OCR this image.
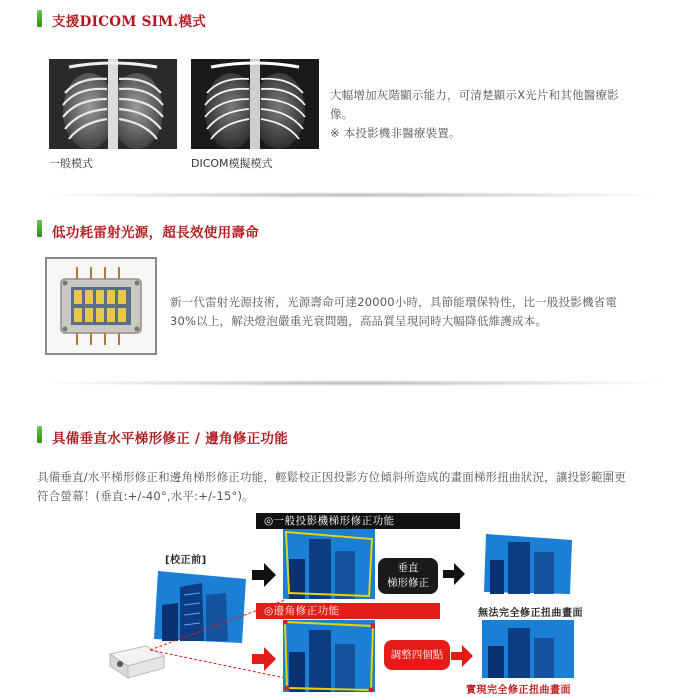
支援DICOM SIM.模式
一般模式	DICOM模擬模式
大幅增加灰階顯示能力，可清楚顯示X光片和其他醫療影
像。
※ 本投影機非醫療裝置。
低功耗雷射光源，超長效使用壽命
新一代雷射光源技術，光源壽命可達20000小時，具節能環保特性，比一般投影機省電
30%以上，解決燈泡嚴重光衰問題，高品質呈現同時大幅降低維護成本。
具備垂直水平梯形修正 / 邊角修正功能
具備垂直/水平梯形修正和邊角梯形修正功能，輕鬆校正因投影方位傾斜所造成的畫面梯形扭曲狀況，讓投影範圍更
符合螢幕！(垂直:+/-40°,水平:+/-15°)。
◎一般投影機梯形修正功能
[校正前]
垂直
梯形修正
無法完全修正扭曲畫面
◎邊角修正功能
調整四個點
實現完全修正扭曲畫面
